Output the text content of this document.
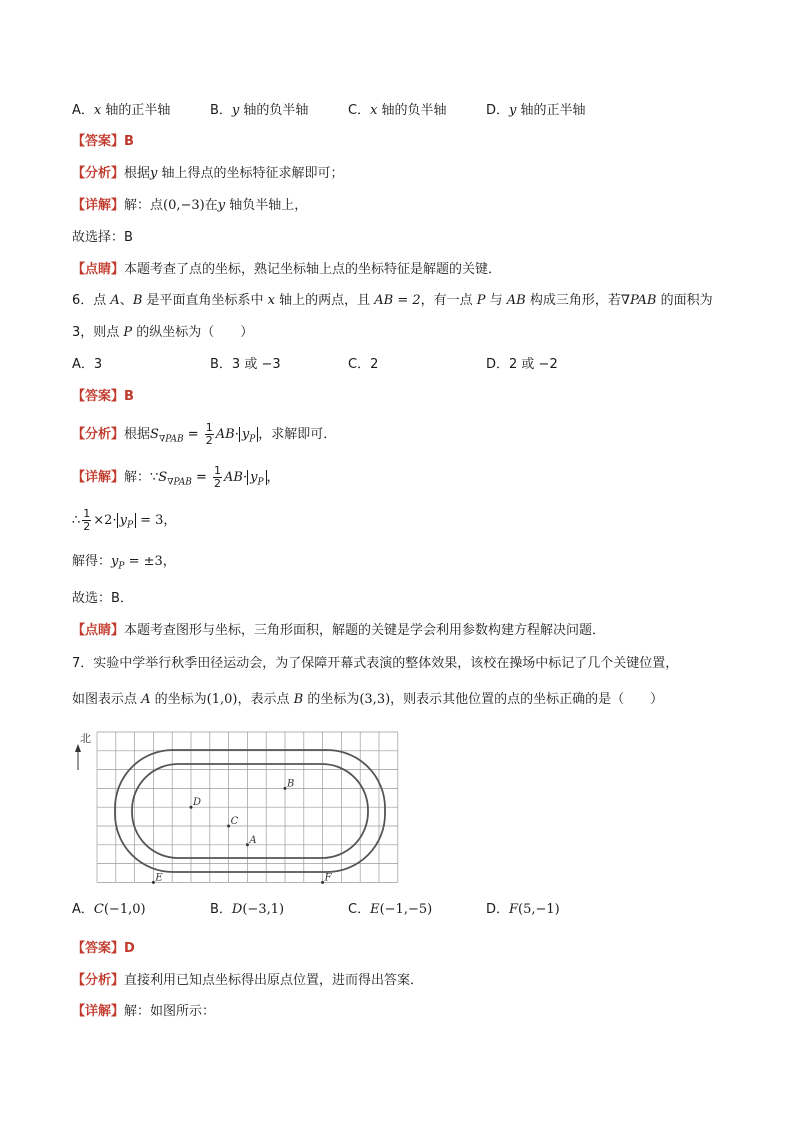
A．x 轴的正半轴	B．y 轴的负半轴	C．x 轴的负半轴	D．y 轴的正半轴
【答案】B
【分析】根据y 轴上得点的坐标特征求解即可；
【详解】解：点(0,−3)在y 轴负半轴上，
故选择：B
【点睛】本题考查了点的坐标，熟记坐标轴上点的坐标特征是解题的关键．
6．点 A、B 是平面直角坐标系中 x 轴上的两点，且 AB = 2，有一点 P 与 AB 构成三角形，若∇PAB 的面积为
3，则点 P 的纵坐标为（　　）
A．3	B．3 或 −3	C．2	D．2 或 −2
【答案】B
【分析】根据$S_{\nabla PAB} = \frac{1}{2} AB\cdot y_P$ ，求解即可．
【详解】解：$\because S_{\nabla PAB} = \frac{1}{2} AB\cdot y_P$ ，
∴ $\frac{1}{2} \times 2\cdot y_P = 3$，
解得：$y_P = \pm 3$，
故选：B．
【点睛】本题考查图形与坐标，三角形面积，解题的关键是学会利用参数构建方程解决问题．
7．实验中学举行秋季田径运动会，为了保障开幕式表演的整体效果，该校在操场中标记了几个关键位置，
如图表示点 A 的坐标为(1,0)，表示点 B 的坐标为(3,3)，则表示其他位置的点的坐标正确的是（　　）
北
A
B
C
D
E	F
A．C(−1,0)	B．D(−3,1)	C．E(−1,−5)	D．F(5,−1)
【答案】D
【分析】直接利用已知点坐标得出原点位置，进而得出答案．
【详解】解：如图所示：
